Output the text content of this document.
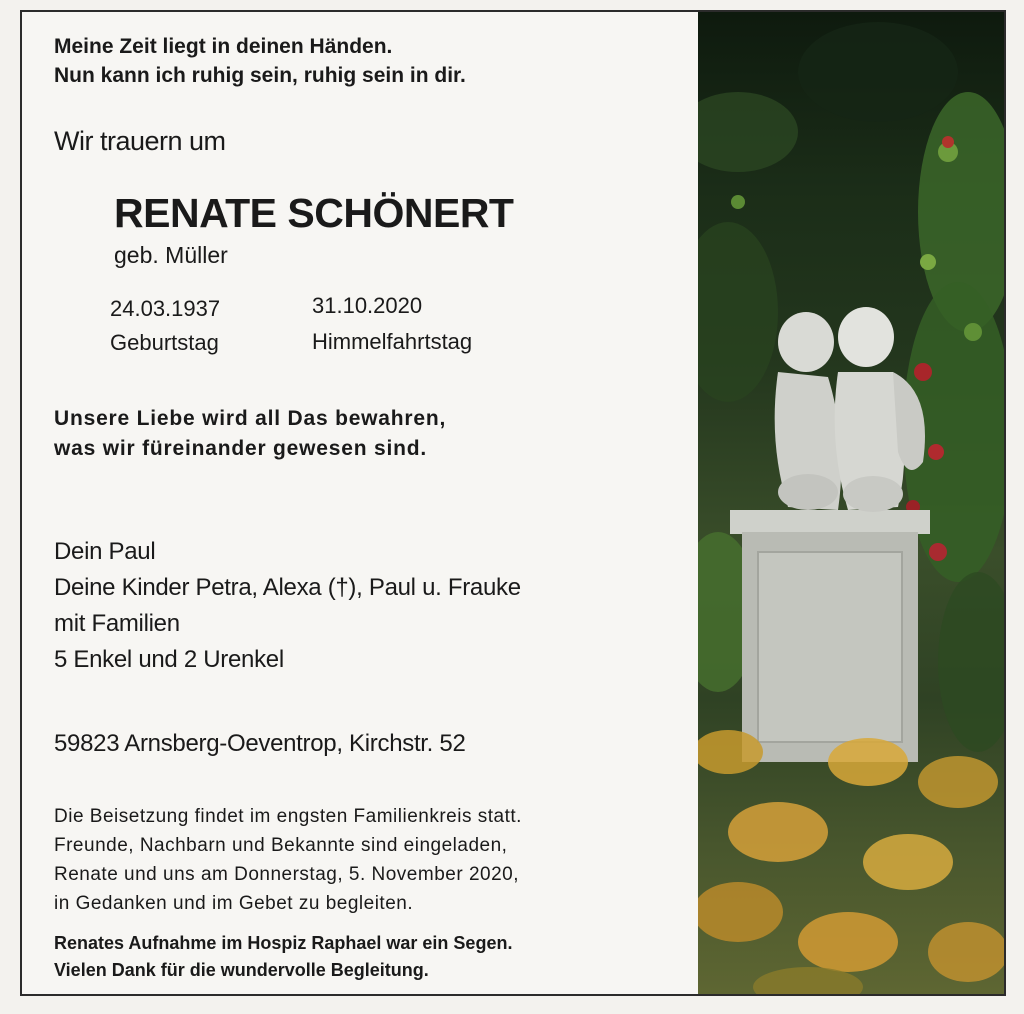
Meine Zeit liegt in deinen Händen.
Nun kann ich ruhig sein, ruhig sein in dir.
Wir trauern um
RENATE SCHÖNERT
geb. Müller
24.03.1937
Geburtstag
31.10.2020
Himmelfahrtstag
Unsere Liebe wird all Das bewahren,
was wir füreinander gewesen sind.
Dein Paul
Deine Kinder Petra, Alexa (†), Paul u. Frauke
mit Familien
5 Enkel und 2 Urenkel
59823 Arnsberg-Oeventrop, Kirchstr. 52
Die Beisetzung findet im engsten Familienkreis statt.
Freunde, Nachbarn und Bekannte sind eingeladen,
Renate und uns am Donnerstag, 5. November 2020,
in Gedanken und im Gebet zu begleiten.
Renates Aufnahme im Hospiz Raphael war ein Segen.
Vielen Dank für die wundervolle Begleitung.
